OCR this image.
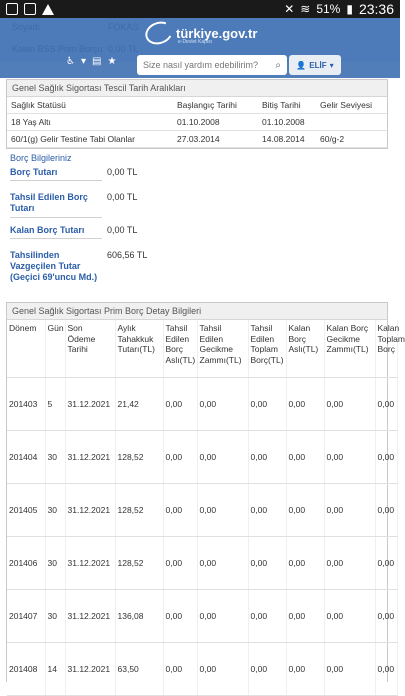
✕ ≋ 51% ▮ 23:36
türkiye.gov.tr
e-Devlet Kapısı
♿ ▾ ▤ ★
Size nasıl yardım edebilirim?	⌕ 👤 ELİF ▾
Genel Sağlık Sigortası Tescil Tarih Aralıkları
Sağlık Statüsü	Başlangıç Tarihi	Bitiş Tarihi	Gelir Seviyesi
18 Yaş Altı	01.10.2008	01.10.2008	
60/1(g) Gelir Testine Tabi Olanlar	27.03.2014	14.08.2014	60/g-2
Borç Bilgileriniz
Borç Tutarı	0,00 TL
Tahsil Edilen Borç Tutarı
0,00 TL
Kalan Borç Tutarı	0,00 TL
Tahsilinden Vazgeçilen Tutar (Geçici 69'uncu Md.)
606,56 TL
Genel Sağlık Sigortası Prim Borç Detay Bilgileri
Dönem	Gün	Son Ödeme Tarihi	Aylık Tahakkuk Tutarı(TL)	Tahsil Edilen Borç Aslı(TL)	Tahsil Edilen Gecikme Zammı(TL)	Tahsil Edilen Toplam Borç(TL)	Kalan Borç Aslı(TL)	Kalan Borç Gecikme Zammı(TL)	Kalan Toplam Borç
201403	5	31.12.2021	21,42	0,00	0,00	0,00	0,00	0,00	0,00
201404	30	31.12.2021	128,52	0,00	0,00	0,00	0,00	0,00	0,00
201405	30	31.12.2021	128,52	0,00	0,00	0,00	0,00	0,00	0,00
201406	30	31.12.2021	128,52	0,00	0,00	0,00	0,00	0,00	0,00
201407	30	31.12.2021	136,08	0,00	0,00	0,00	0,00	0,00	0,00
201408	14	31.12.2021	63,50	0,00	0,00	0,00	0,00	0,00	0,00
